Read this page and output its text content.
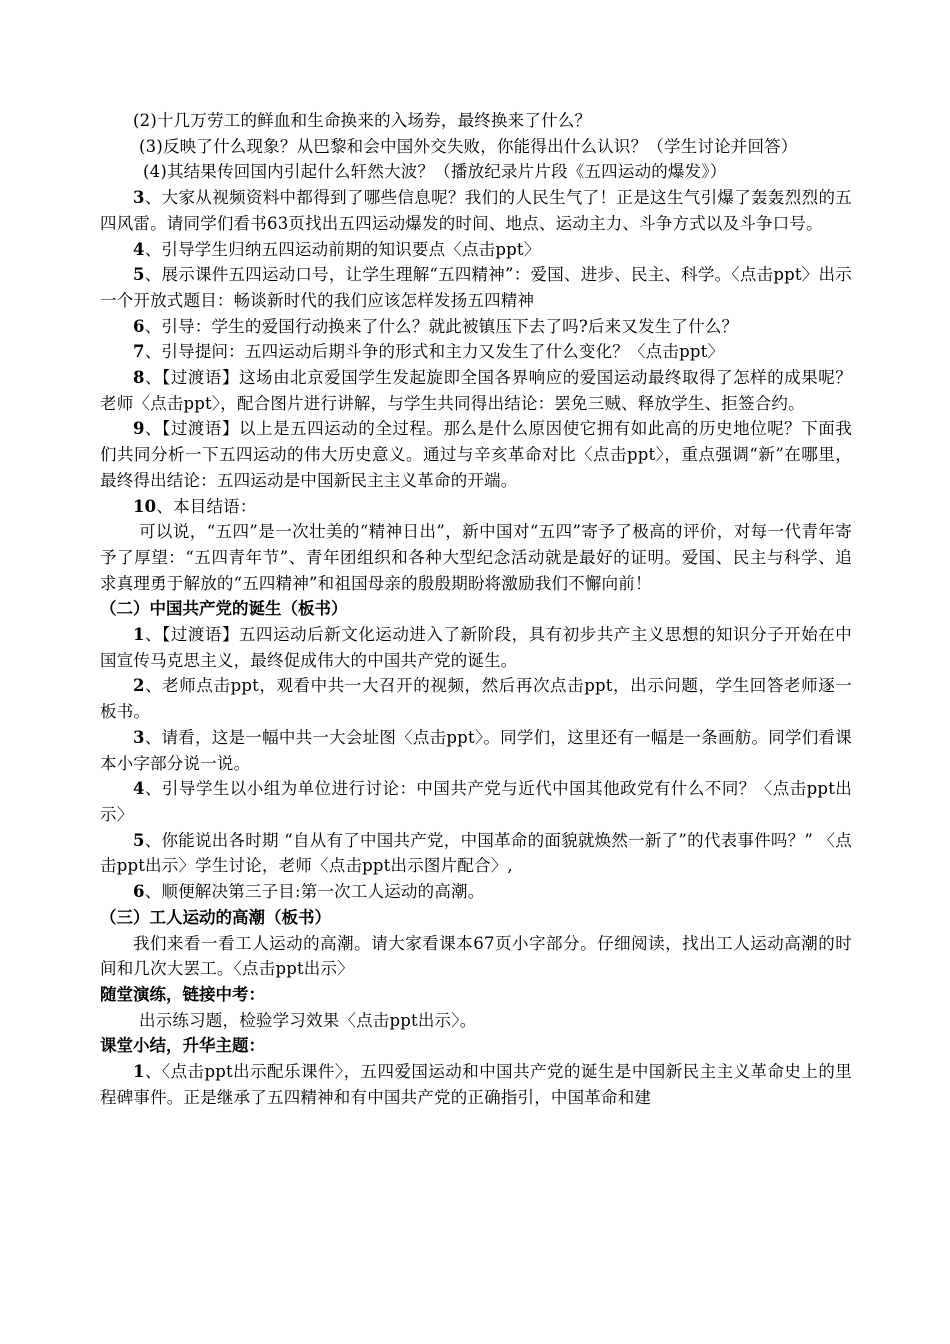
(2)十几万劳工的鲜血和生命换来的入场券，最终换来了什么？

(3)反映了什么现象？从巴黎和会中国外交失败，你能得出什么认识？（学生讨论并回答）

(4)其结果传回国内引起什么轩然大波？（播放纪录片片段《五四运动的爆发》）

3、大家从视频资料中都得到了哪些信息呢？我们的人民生气了！正是这生气引爆了轰轰烈烈的五四风雷。请同学们看书63页找出五四运动爆发的时间、地点、运动主力、斗争方式以及斗争口号。

4、引导学生归纳五四运动前期的知识要点〈点击ppt〉

5、展示课件五四运动口号，让学生理解“五四精神”：爱国、进步、民主、科学。〈点击ppt〉出示一个开放式题目：畅谈新时代的我们应该怎样发扬五四精神

6、引导：学生的爱国行动换来了什么？就此被镇压下去了吗?后来又发生了什么？

7、引导提问：五四运动后期斗争的形式和主力又发生了什么变化？〈点击ppt〉

8、【过渡语】这场由北京爱国学生发起旋即全国各界响应的爱国运动最终取得了怎样的成果呢？　老师〈点击ppt〉，配合图片进行讲解，与学生共同得出结论：罢免三贼、释放学生、拒签合约。

9、【过渡语】以上是五四运动的全过程。那么是什么原因使它拥有如此高的历史地位呢？下面我们共同分析一下五四运动的伟大历史意义。通过与辛亥革命对比〈点击ppt〉，重点强调“新”在哪里，最终得出结论：五四运动是中国新民主主义革命的开端。

10、本目结语：

可以说，“五四”是一次壮美的“精神日出”，新中国对“五四”寄予了极高的评价，对每一代青年寄予了厚望：“五四青年节”、青年团组织和各种大型纪念活动就是最好的证明。爱国、民主与科学、追求真理勇于解放的“五四精神”和祖国母亲的殷殷期盼将激励我们不懈向前！

（二）中国共产党的诞生（板书）

1、【过渡语】五四运动后新文化运动进入了新阶段，具有初步共产主义思想的知识分子开始在中国宣传马克思主义，最终促成伟大的中国共产党的诞生。

2、老师点击ppt，观看中共一大召开的视频，然后再次点击ppt，出示问题，学生回答老师逐一板书。

3、请看，这是一幅中共一大会址图〈点击ppt〉。同学们，这里还有一幅是一条画舫。同学们看课本小字部分说一说。

4、引导学生以小组为单位进行讨论：中国共产党与近代中国其他政党有什么不同？〈点击ppt出示〉

5、你能说出各时期 “自从有了中国共产党，中国革命的面貌就焕然一新了”的代表事件吗？” 〈点击ppt出示〉学生讨论，老师〈点击ppt出示图片配合〉,

6、顺便解决第三子目:第一次工人运动的高潮。

（三）工人运动的高潮（板书）

我们来看一看工人运动的高潮。请大家看课本67页小字部分。仔细阅读，找出工人运动高潮的时间和几次大罢工。〈点击ppt出示〉

随堂演练，链接中考：

出示练习题，检验学习效果〈点击ppt出示〉。

课堂小结，升华主题：

1、〈点击ppt出示配乐课件〉，五四爱国运动和中国共产党的诞生是中国新民主主义革命史上的里程碑事件。正是继承了五四精神和有中国共产党的正确指引，中国革命和建
